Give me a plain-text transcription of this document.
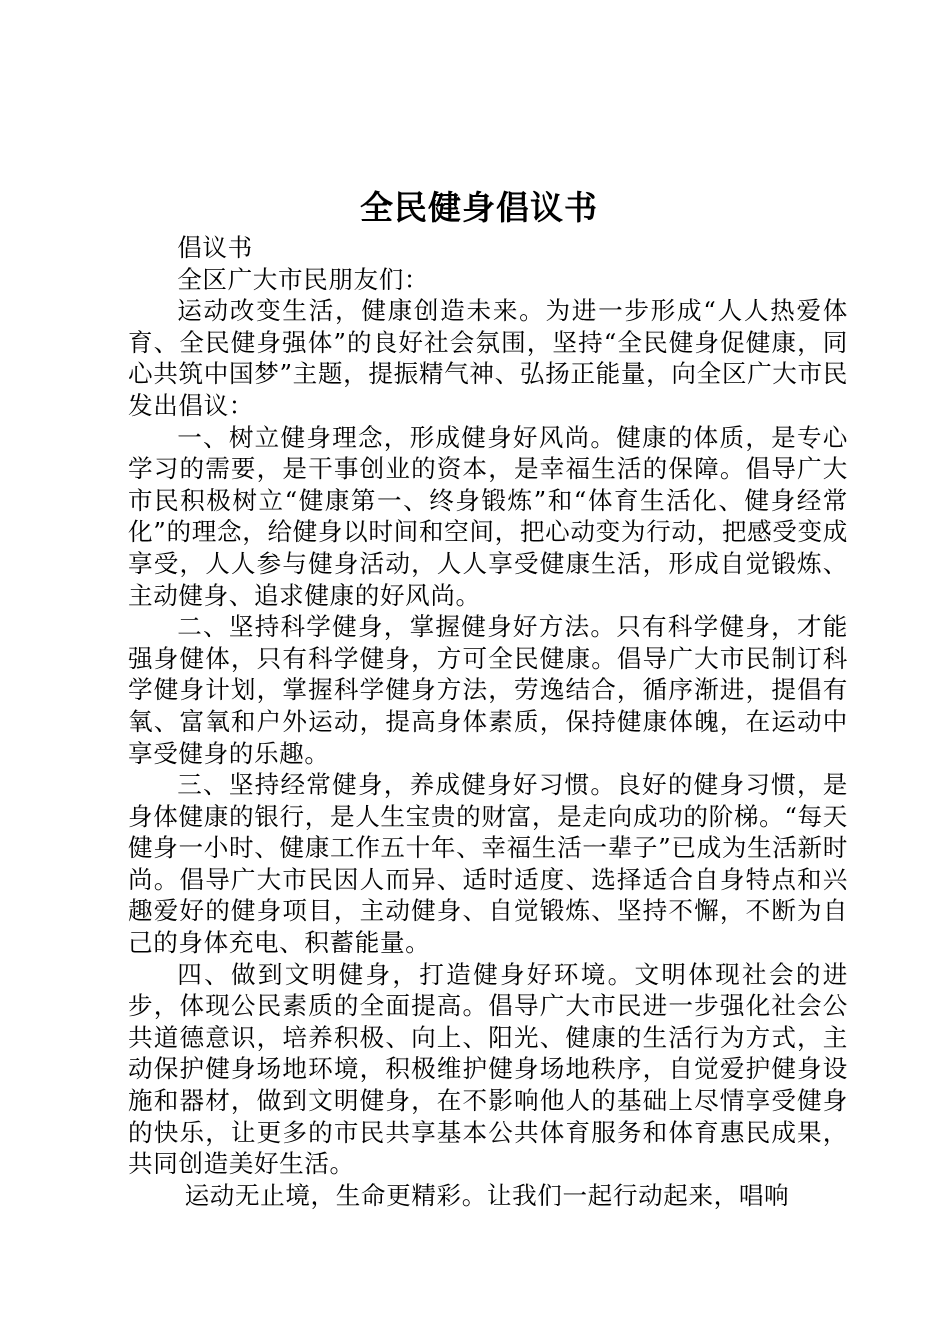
全民健身倡议书

倡议书

全区广大市民朋友们：

运动改变生活，健康创造未来。为进一步形成“人人热爱体育、全民健身强体”的良好社会氛围，坚持“全民健身促健康，同心共筑中国梦”主题，提振精气神、弘扬正能量，向全区广大市民发出倡议：

一、树立健身理念，形成健身好风尚。健康的体质，是专心学习的需要，是干事创业的资本，是幸福生活的保障。倡导广大市民积极树立“健康第一、终身锻炼”和“体育生活化、健身经常化”的理念，给健身以时间和空间，把心动变为行动，把感受变成享受，人人参与健身活动，人人享受健康生活，形成自觉锻炼、主动健身、追求健康的好风尚。

二、坚持科学健身，掌握健身好方法。只有科学健身，才能强身健体，只有科学健身，方可全民健康。倡导广大市民制订科学健身计划，掌握科学健身方法，劳逸结合，循序渐进，提倡有氧、富氧和户外运动，提高身体素质，保持健康体魄，在运动中享受健身的乐趣。

三、坚持经常健身，养成健身好习惯。良好的健身习惯，是身体健康的银行，是人生宝贵的财富，是走向成功的阶梯。“每天健身一小时、健康工作五十年、幸福生活一辈子”已成为生活新时尚。倡导广大市民因人而异、适时适度、选择适合自身特点和兴趣爱好的健身项目，主动健身、自觉锻炼、坚持不懈，不断为自己的身体充电、积蓄能量。

四、做到文明健身，打造健身好环境。文明体现社会的进步，体现公民素质的全面提高。倡导广大市民进一步强化社会公共道德意识，培养积极、向上、阳光、健康的生活行为方式，主动保护健身场地环境，积极维护健身场地秩序，自觉爱护健身设施和器材，做到文明健身，在不影响他人的基础上尽情享受健身的快乐，让更多的市民共享基本公共体育服务和体育惠民成果，共同创造美好生活。

运动无止境，生命更精彩。让我们一起行动起来，唱响
